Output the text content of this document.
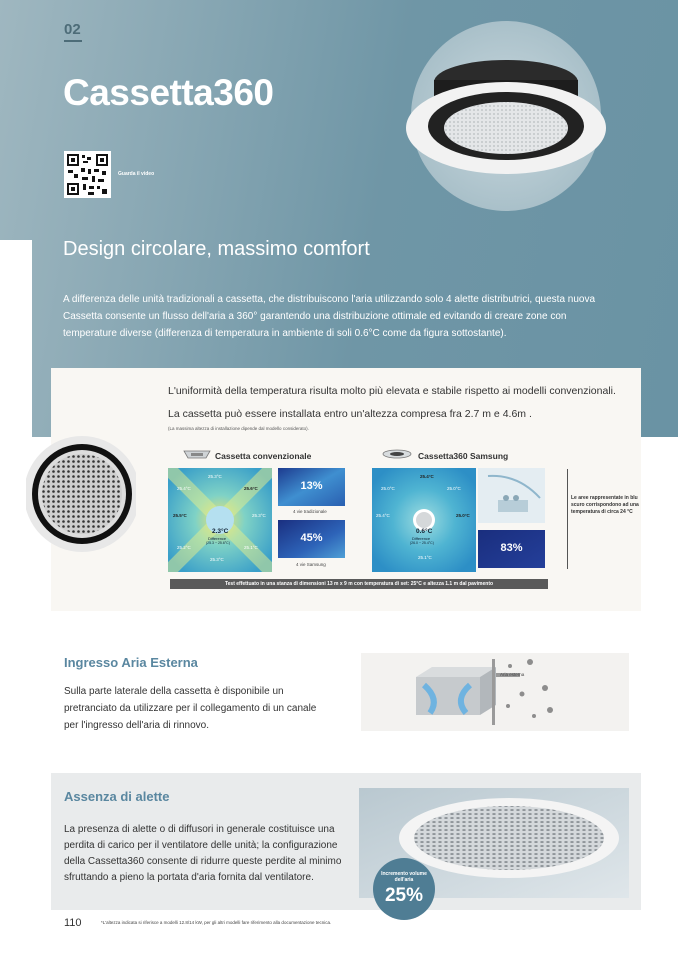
02
Cassetta360
Guarda il video
Design circolare, massimo comfort
A differenza delle unità tradizionali a cassetta, che distribuiscono l'aria utilizzando solo 4 alette distributrici, questa nuova Cassetta consente un flusso dell'aria a 360° garantendo una distribuzione ottimale ed evitando di creare zone con temperature diverse (differenza di temperatura in ambiente di soli 0.6°C come da figura sottostante).
L'uniformità della temperatura risulta molto più elevata e stabile rispetto ai modelli convenzionali.
La cassetta può essere installata entro un'altezza compresa fra 2.7 m e 4.6m .
(La massima altezza di installazione dipende dal modello considerato).
Cassetta convenzionale
25.3°C
25.6°C
25.4°C
25.5°C	25.3°C
25.2°C	25.1°C
25.3°C
2.3°C
Difference
(25.3 ~ 25.6°C)
13%
4 vie tradizionale
45%
4 vie Samsung
Cassetta360 Samsung
25.4°C
25.0°C	25.0°C
25.4°C	25.0°C
25.1°C
0.6°C
Difference
(26.0 ~ 25.4°C)	83%
Le aree rappresentate in blu scuro corrispondono ad una temperatura di circa 24 °C
Test effettuato in una stanza di dimensioni 13 m x 9 m con temperatura di set: 25°C e altezza 1.1 m dal pavimento
Ingresso Aria Esterna
Sulla parte laterale della cassetta è disponibile un pretranciato da utilizzare per il collegamento di un canale per l'ingresso dell'aria di rinnovo.
Aria esterna
Assenza di alette
La presenza di alette o di diffusori in generale costituisce una perdita di carico per il ventilatore delle unità; la configurazione della Cassetta360 consente di ridurre queste perdite al minimo sfruttando a pieno la portata d'aria fornita dal ventilatore.	Incremento volume dell'aria
25%
110	*L'altezza indicata si riferisce a modelli 12.8/14 kW, per gli altri modelli fare riferimento alla documentazione tecnica.
